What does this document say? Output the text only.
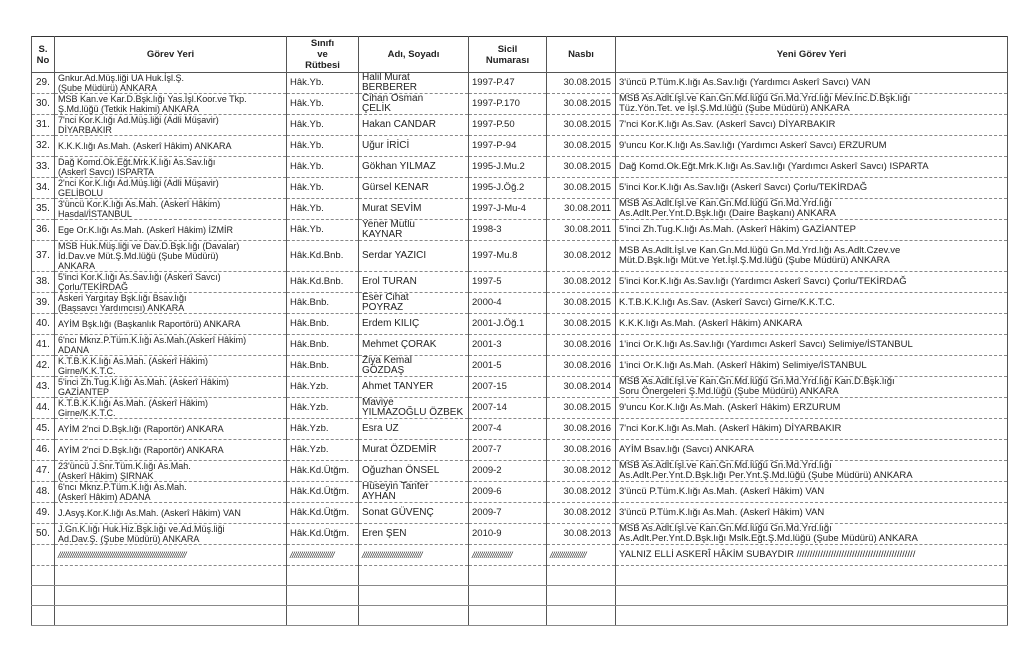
S.
No	Görev Yeri	Sınıfı
ve
Rütbesi	Adı, Soyadı	Sicil
Numarası	Nasbı	Yeni Görev Yeri
29.	Gnkur.Ad.Müş.liği UA Huk.İşl.Ş.
(Şube Müdürü) ANKARA	Hâk.Yb.	Halil Murat
BERBERER	1997-P.47	30.08.2015	3'üncü P.Tüm.K.lığı As.Sav.lığı (Yardımcı Askerî Savcı) VAN

30.	MSB Kan.ve Kar.D.Bşk.lığı Yas.İşl.Koor.ve Tkp.
Ş.Md.lüğü (Tetkik Hakimi) ANKARA	Hâk.Yb.	Cihan Osman
ÇELİK	1997-P.170	30.08.2015	MSB As.Adlt.İşl.ve Kan.Gn.Md.lüğü Gn.Md.Yrd.lığı Mev.İnc.D.Bşk.lığı
Tüz.Yön.Tet. ve İşl.Ş.Md.lüğü (Şube Müdürü) ANKARA

31.	7'nci Kor.K.lığı Ad.Müş.liği (Adli Müşavir)
DİYARBAKIR	Hâk.Yb.	Hakan CANDAR	1997-P.50	30.08.2015	7'nci Kor.K.lığı As.Sav. (Askerî Savcı) DİYARBAKIR

32.	K.K.K.lığı As.Mah. (Askerî Hâkim) ANKARA	Hâk.Yb.	Uğur İRİCİ	1997-P-94	30.08.2015	9'uncu Kor.K.lığı As.Sav.lığı (Yardımcı Askerî Savcı) ERZURUM

33.	Dağ Komd.Ok.Eğt.Mrk.K.lığı As.Sav.lığı
(Askerî Savcı) ISPARTA	Hâk.Yb.	Gökhan YILMAZ	1995-J.Mu.2	30.08.2015	Dağ Komd.Ok.Eğt.Mrk.K.lığı As.Sav.lığı (Yardımcı Askerî Savcı) ISPARTA

34.	2'nci Kor.K.lığı Ad.Müş.liği (Adli Müşavir)
GELİBOLU	Hâk.Yb.	Gürsel KENAR	1995-J.Öğ.2	30.08.2015	5'inci Kor.K.lığı As.Sav.lığı (Askerî Savcı) Çorlu/TEKİRDAĞ

35.	3'üncü Kor.K.lığı As.Mah. (Askerî Hâkim)
Hasdal/İSTANBUL	Hâk.Yb.	Murat SEVİM	1997-J-Mu-4	30.08.2011	MSB As.Adlt.İşl.ve Kan.Gn.Md.lüğü Gn.Md.Yrd.lığı
As.Adlt.Per.Ynt.D.Bşk.lığı (Daire Başkanı) ANKARA

36.	Ege Or.K.lığı As.Mah. (Askerî Hâkim) İZMİR	Hâk.Yb.	Yener Mutlu
KAYNAR	1998-3	30.08.2011	5'inci Zh.Tug.K.lığı As.Mah. (Askerî Hâkim) GAZİANTEP

37.	MSB Huk.Müş.liği ve Dav.D.Bşk.lığı (Davalar)
İd.Dav.ve Müt.Ş.Md.lüğü (Şube Müdürü)
ANKARA	Hâk.Kd.Bnb.	Serdar YAZICI	1997-Mu.8	30.08.2012	MSB As.Adlt.İşl.ve Kan.Gn.Md.lüğü Gn.Md.Yrd.lığı As.Adlt.Czev.ve
Müt.D.Bşk.lığı Müt.ve Yet.İşl.Ş.Md.lüğü (Şube Müdürü) ANKARA

38.	5'inci Kor.K.lığı As.Sav.lığı (Askerî Savcı)
Çorlu/TEKİRDAĞ	Hâk.Kd.Bnb.	Erol TURAN	1997-5	30.08.2012	5'inci Kor.K.lığı As.Sav.lığı (Yardımcı Askerî Savcı) Çorlu/TEKİRDAĞ

39.	Askeri Yargıtay Bşk.lığı Bsav.lığı
(Başsavcı Yardımcısı) ANKARA	Hâk.Bnb.	Eser Cihat
POYRAZ	2000-4	30.08.2015	K.T.B.K.K.lığı As.Sav. (Askerî Savcı) Girne/K.K.T.C.

40.	AYİM Bşk.lığı (Başkanlık Raportörü) ANKARA	Hâk.Bnb.	Erdem KILIÇ	2001-J.Öğ.1	30.08.2015	K.K.K.lığı As.Mah. (Askerî Hâkim) ANKARA

41.	6'ncı Mknz.P.Tüm.K.lığı As.Mah.(Askerî Hâkim)
ADANA	Hâk.Bnb.	Mehmet ÇORAK	2001-3	30.08.2016	1'inci Or.K.lığı As.Sav.lığı (Yardımcı Askerî Savcı) Selimiye/İSTANBUL

42.	K.T.B.K.K.lığı As.Mah. (Askerî Hâkim)
Girne/K.K.T.C.	Hâk.Bnb.	Ziya Kemal
GÖZDAŞ	2001-5	30.08.2016	1'inci Or.K.lığı As.Mah. (Askerî Hâkim) Selimiye/İSTANBUL

43.	5'inci Zh.Tug.K.lığı As.Mah. (Askerî Hâkim)
GAZİANTEP	Hâk.Yzb.	Ahmet TANYER	2007-15	30.08.2014	MSB As.Adlt.İşl.ve Kan.Gn.Md.lüğü Gn.Md.Yrd.lığı Kan.D.Bşk.lığı
Soru Önergeleri Ş.Md.lüğü (Şube Müdürü) ANKARA

44.	K.T.B.K.K.lığı As.Mah. (Askerî Hâkim)
Girne/K.K.T.C.	Hâk.Yzb.	Maviye
YILMAZOĞLU ÖZBEK	2007-14	30.08.2015	9'uncu Kor.K.lığı As.Mah. (Askerî Hâkim) ERZURUM

45.	AYİM 2'nci D.Bşk.lığı (Raportör) ANKARA	Hâk.Yzb.	Esra UZ	2007-4	30.08.2016	7'nci Kor.K.lığı As.Mah. (Askerî Hâkim) DİYARBAKIR

46.	AYİM 2'nci D.Bşk.lığı (Raportör) ANKARA	Hâk.Yzb.	Murat ÖZDEMİR	2007-7	30.08.2016	AYİM Bsav.lığı (Savcı) ANKARA

47.	23'üncü J.Snr.Tüm.K.lığı As.Mah.
(Askerî Hâkim) ŞIRNAK	Hâk.Kd.Ütğm.	Oğuzhan ÖNSEL	2009-2	30.08.2012	MSB As.Adlt.İşl.ve Kan.Gn.Md.lüğü Gn.Md.Yrd.lığı
As.Adlt.Per.Ynt.D.Bşk.lığı Per.Ynt.Ş.Md.lüğü (Şube Müdürü) ANKARA

48.	6'ncı Mknz.P.Tüm.K.lığı As.Mah.
(Askerî Hâkim) ADANA	Hâk.Kd.Ütğm.	Hüseyin Tanfer
AYHAN	2009-6	30.08.2012	3'üncü P.Tüm.K.lığı As.Mah. (Askerî Hâkim) VAN

49.	J.Asyş.Kor.K.lığı As.Mah. (Askerî Hâkim) VAN	Hâk.Kd.Ütğm.	Sonat GÜVENÇ	2009-7	30.08.2012	3'üncü P.Tüm.K.lığı As.Mah. (Askerî Hâkim) VAN

50.	J.Gn.K.lığı Huk.Hiz.Bşk.lığı ve.Ad.Müş.liği
Ad.Dav.Ş. (Şube Müdürü) ANKARA	Hâk.Kd.Ütğm.	Eren ŞEN	2010-9	30.08.2013	MSB As.Adlt.İşl.ve Kan.Gn.Md.lüğü Gn.Md.Yrd.lığı
As.Adlt.Per.Ynt.D.Bşk.lığı Mslk.Eğt.Ş.Md.lüğü (Şube Müdürü) ANKARA

	////////////////////////////////////////////////////////////////	//////////////////////	//////////////////////////////	////////////////////	//////////////////	YALNIZ ELLİ ASKERÎ HÂKİM SUBAYDIR /////////////////////////////////////////////
